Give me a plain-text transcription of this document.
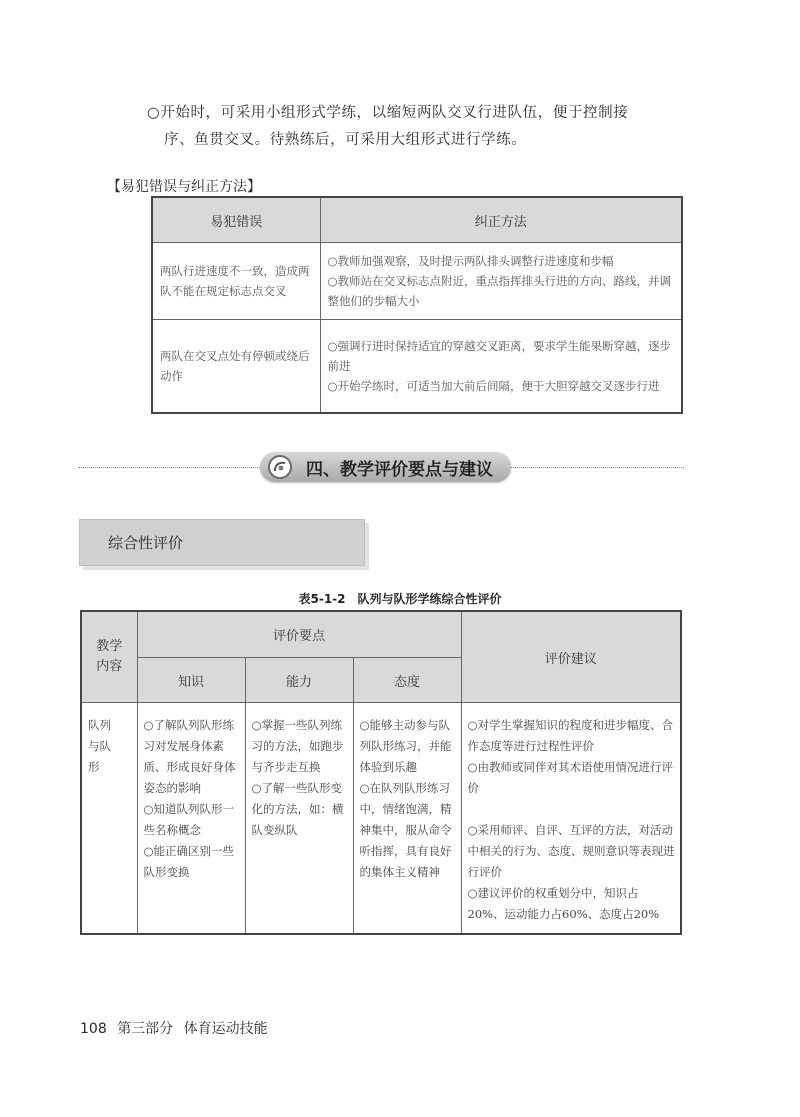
○开始时，可采用小组形式学练，以缩短两队交叉行进队伍，便于控制接

序、鱼贯交叉。待熟练后，可采用大组形式进行学练。
【易犯错误与纠正方法】
易犯错误	纠正方法
两队行进速度不一致，造成两队不能在规定标志点交叉	○教师加强观察，及时提示两队排头调整行进速度和步幅
○教师站在交叉标志点附近，重点指挥排头行进的方向、路线，并调整他们的步幅大小

两队在交叉点处有停顿或绕后动作	○强调行进时保持适宜的穿越交叉距离，要求学生能果断穿越，逐步前进
○开始学练时，可适当加大前后间隔，便于大胆穿越交叉逐步行进
四、教学评价要点与建议
综合性评价
表5-1-2　队列与队形学练综合性评价
教学内容	评价要点			评价建议
	知识	能力	态度	
队列与队形	○了解队列队形练习对发展身体素质、形成良好身体姿态的影响
○知道队列队形一些名称概念
○能正确区别一些队形变换	○掌握一些队列练习的方法，如跑步与齐步走互换
○了解一些队形变化的方法，如：横队变纵队	○能够主动参与队列队形练习，并能体验到乐趣
○在队列队形练习中，情绪饱满，精神集中，服从命令听指挥，具有良好的集体主义精神	○对学生掌握知识的程度和进步幅度、合作态度等进行过程性评价
○由教师或同伴对其术语使用情况进行评价
○采用师评、自评、互评的方法，对活动中相关的行为、态度、规则意识等表现进行评价
○建议评价的权重划分中，知识占20%、运动能力占60%、态度占20%
108 第三部分 体育运动技能
